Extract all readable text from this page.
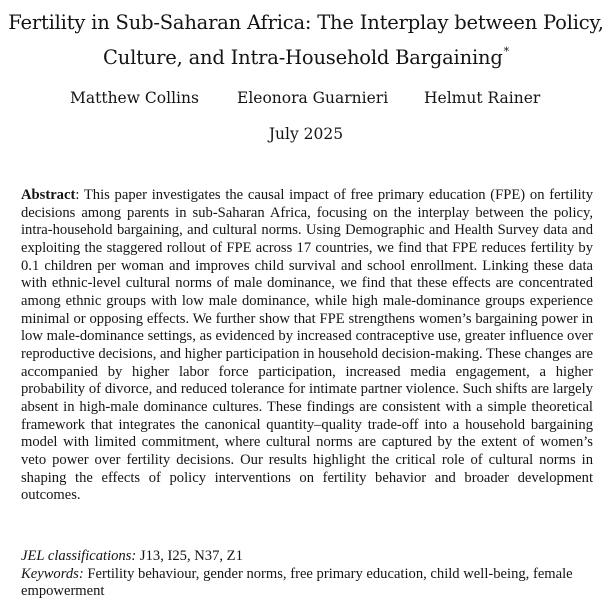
Fertility in Sub-Saharan Africa: The Interplay between Policy,
Culture, and Intra-Household Bargaining*
Matthew Collins Eleonora Guarnieri Helmut Rainer
July 2025
Abstract: This paper investigates the causal impact of free primary education (FPE) on fertility decisions among parents in sub-Saharan Africa, focusing on the interplay between the policy, intra-household bargaining, and cultural norms. Using Demographic and Health Survey data and exploiting the staggered rollout of FPE across 17 countries, we find that FPE reduces fertility by 0.1 children per woman and improves child survival and school enrollment. Linking these data with ethnic-level cultural norms of male dominance, we find that these effects are concentrated among ethnic groups with low male dominance, while high male-dominance groups experience minimal or opposing effects. We further show that FPE strengthens women’s bargaining power in low male-dominance settings, as evidenced by increased contraceptive use, greater influence over reproductive decisions, and higher participation in household decision-making. These changes are accompanied by higher labor force participation, increased media engagement, a higher probability of divorce, and reduced tolerance for intimate partner violence. Such shifts are largely absent in high-male dominance cultures. These findings are consistent with a simple theoretical framework that integrates the canonical quantity–quality trade-off into a household bargaining model with limited commitment, where cultural norms are captured by the extent of women’s veto power over fertility decisions. Our results highlight the critical role of cultural norms in shaping the effects of policy interventions on fertility behavior and broader development outcomes.
JEL classifications: J13, I25, N37, Z1
Keywords: Fertility behaviour, gender norms, free primary education, child well-being, female empowerment
